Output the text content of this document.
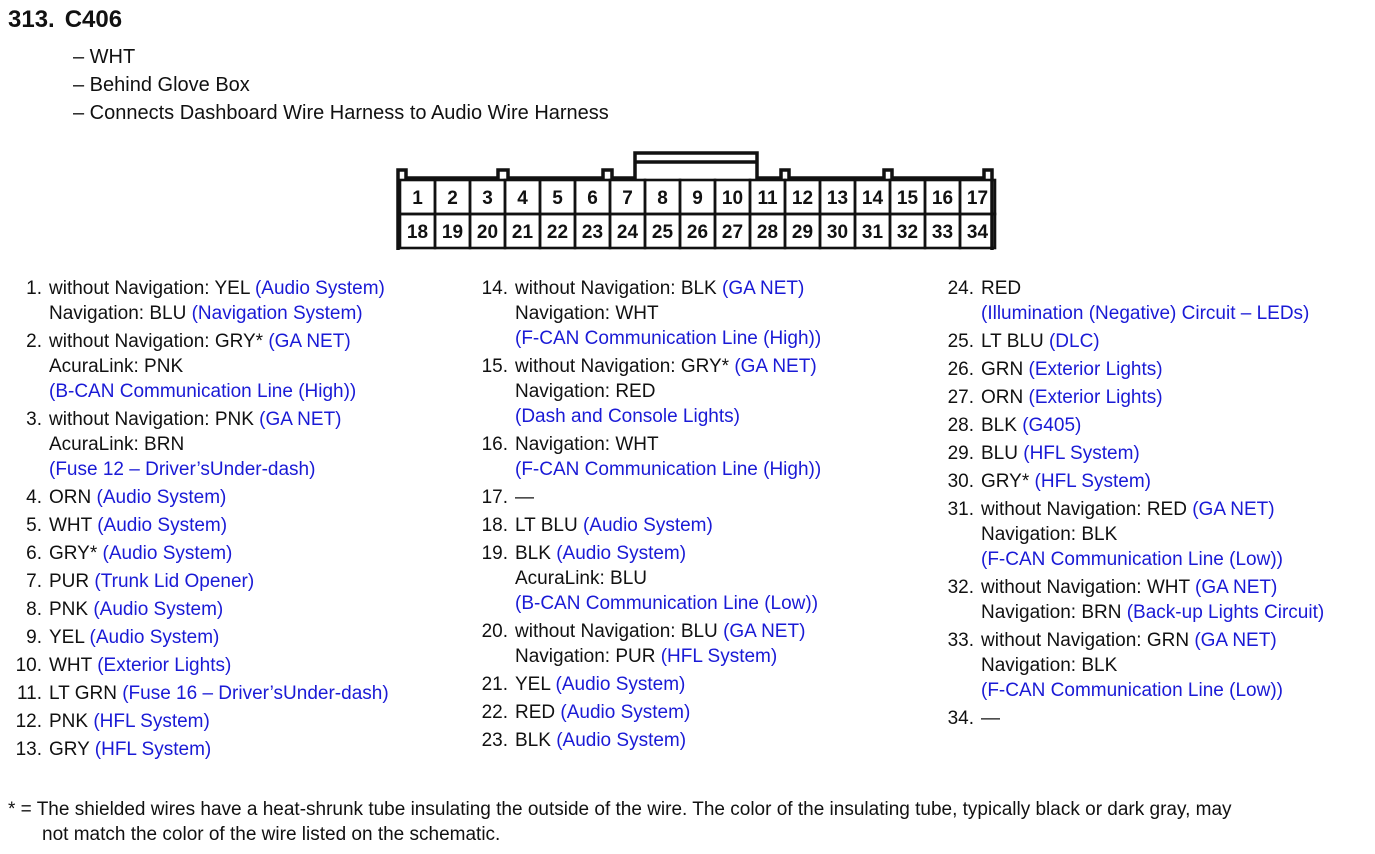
313. C406
– WHT
– Behind Glove Box
– Connects Dashboard Wire Harness to Audio Wire Harness
1 2 3 4 5 6 7 8 9 10 11 12 13 14 15 16 17
18 19 20 21 22 23 24 25 26 27 28 29 30 31 32 33 34
1. without Navigation: YEL (Audio System)
Navigation: BLU (Navigation System)
2. without Navigation: GRY* (GA NET)
AcuraLink: PNK
(B-CAN Communication Line (High))
3. without Navigation: PNK (GA NET)
AcuraLink: BRN
(Fuse 12 – Driver’sUnder-dash)
4. ORN (Audio System)
5. WHT (Audio System)
6. GRY* (Audio System)
7. PUR (Trunk Lid Opener)
8. PNK (Audio System)
9. YEL (Audio System)
10. WHT (Exterior Lights)
11. LT GRN (Fuse 16 – Driver’sUnder-dash)
12. PNK (HFL System)
13. GRY (HFL System)
14. without Navigation: BLK (GA NET)
Navigation: WHT
(F-CAN Communication Line (High))
15. without Navigation: GRY* (GA NET)
Navigation: RED
(Dash and Console Lights)
16. Navigation: WHT
(F-CAN Communication Line (High))
17. —
18. LT BLU (Audio System)
19. BLK (Audio System)
AcuraLink: BLU
(B-CAN Communication Line (Low))
20. without Navigation: BLU (GA NET)
Navigation: PUR (HFL System)
21. YEL (Audio System)
22. RED (Audio System)
23. BLK (Audio System)
24. RED
(Illumination (Negative) Circuit – LEDs)
25. LT BLU (DLC)
26. GRN (Exterior Lights)
27. ORN (Exterior Lights)
28. BLK (G405)
29. BLU (HFL System)
30. GRY* (HFL System)
31. without Navigation: RED (GA NET)
Navigation: BLK
(F-CAN Communication Line (Low))
32. without Navigation: WHT (GA NET)
Navigation: BRN (Back-up Lights Circuit)
33. without Navigation: GRN (GA NET)
Navigation: BLK
(F-CAN Communication Line (Low))
34. —
* = The shielded wires have a heat-shrunk tube insulating the outside of the wire. The color of the insulating tube, typically black or dark gray, may
not match the color of the wire listed on the schematic.
